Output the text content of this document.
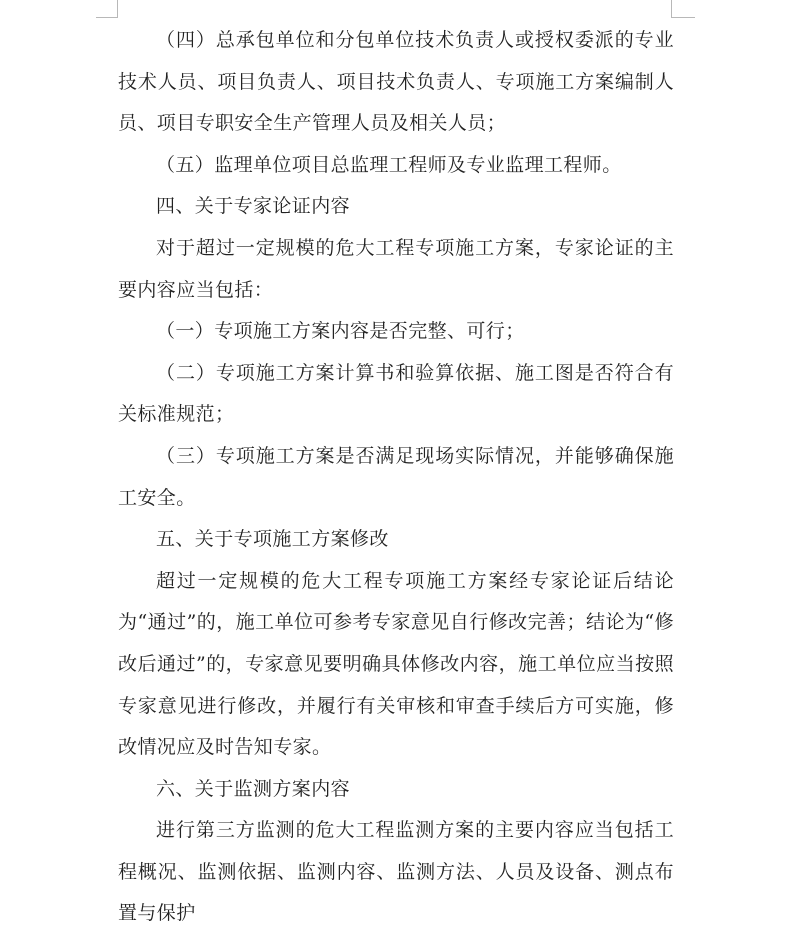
（四）总承包单位和分包单位技术负责人或授权委派的专业技术人员、项目负责人、项目技术负责人、专项施工方案编制人员、项目专职安全生产管理人员及相关人员；

（五）监理单位项目总监理工程师及专业监理工程师。

四、关于专家论证内容

对于超过一定规模的危大工程专项施工方案，专家论证的主要内容应当包括：

（一）专项施工方案内容是否完整、可行；

（二）专项施工方案计算书和验算依据、施工图是否符合有关标准规范；

（三）专项施工方案是否满足现场实际情况，并能够确保施工安全。

五、关于专项施工方案修改

超过一定规模的危大工程专项施工方案经专家论证后结论为“通过”的，施工单位可参考专家意见自行修改完善；结论为“修改后通过”的，专家意见要明确具体修改内容，施工单位应当按照专家意见进行修改，并履行有关审核和审查手续后方可实施，修改情况应及时告知专家。

六、关于监测方案内容

进行第三方监测的危大工程监测方案的主要内容应当包括工程概况、监测依据、监测内容、监测方法、人员及设备、测点布置与保护
